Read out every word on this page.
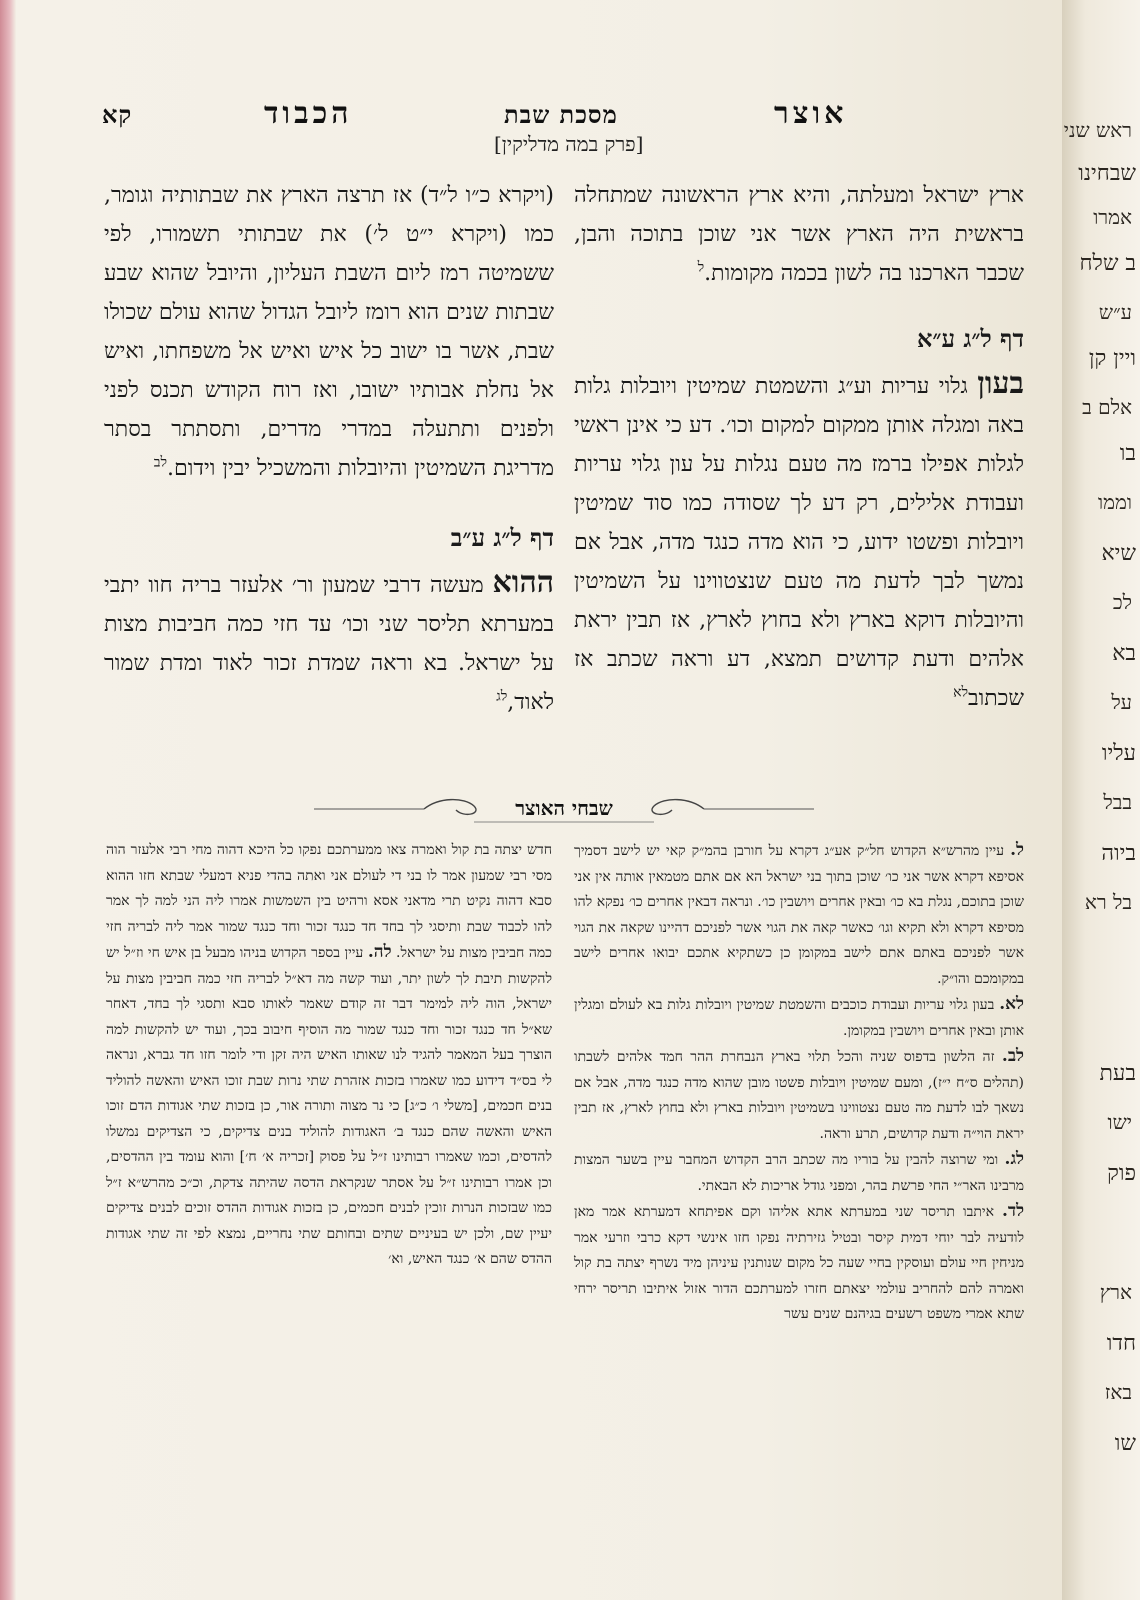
אוצר
מסכת שבת
הכבוד
קא
[פרק במה מדליקין]

ארץ ישראל ומעלתה, והיא ארץ הראשונה שמתחלה בראשית היה הארץ אשר אני שוכן בתוכה והבן, שכבר הארכנו בה לשון בכמה מקומות.$^ל$

דף ל״ג ע״א

בעון גלוי עריות וע״ג והשמטת שמיטין ויובלות גלות באה ומגלה אותן ממקום למקום וכו׳. דע כי אינן ראשי לגלות אפילו ברמז מה טעם נגלות על עון גלוי עריות ועבודת אלילים, רק דע לך שסודה כמו סוד שמיטין ויובלות ופשטו ידוע, כי הוא מדה כנגד מדה, אבל אם נמשך לבך לדעת מה טעם שנצטווינו על השמיטין והיובלות דוקא בארץ ולא בחוץ לארץ, אז תבין יראת אלהים ודעת קדושים תמצא, דע וראה שכתב אז שכתוב$^{לא}$

(ויקרא כ״ו ל״ד) אז תרצה הארץ את שבתותיה וגומר, כמו (ויקרא י״ט ל׳) את שבתותי תשמורו, לפי ששמיטה רמז ליום השבת העליון, והיובל שהוא שבע שבתות שנים הוא רומז ליובל הגדול שהוא עולם שכולו שבת, אשר בו ישוב כל איש ואיש אל משפחתו, ואיש אל נחלת אבותיו ישובו, ואז רוח הקודש תכנס לפני ולפנים ותתעלה במדרי מדרים, ותסתתר בסתר מדריגת השמיטין והיובלות והמשכיל יבין וידום.$^{לב}$

דף ל״ג ע״ב

ההוא מעשה דרבי שמעון ור׳ אלעזר בריה חוו יתבי במערתא תליסר שני וכו׳ עד חזי כמה חביבות מצות על ישראל. בא וראה שמדת זכור לאוד ומדת שמור לאוד,$^{לג}$

שבחי האוצר

ל. עיין מהרש״א הקדוש חל״ק אע״ג דקרא על חורבן בהמ״ק קאי יש לישב דסמיך אסיפא דקרא אשר אני כו׳ שוכן בתוך בני ישראל הא אם אתם מטמאין אותה אין אני שוכן בתוכם, נגלת בא כו׳ ובאין אחרים ויושבין כו׳. ונראה דבאין אחרים כו׳ נפקא להו מסיפא דקרא ולא תקיא וגו׳ כאשר קאה את הגוי אשר לפניכם דהיינו שקאה את הגוי אשר לפניכם באתם אתם לישב במקומן כן כשתקיא אתכם יבואו אחרים לישב במקומכם והו״ק.

לא. בעון גלוי עריות ועבודת כוכבים והשמטת שמיטין ויובלות גלות בא לעולם ומגלין אותן ובאין אחרים ויושבין במקומן.

לב. זה הלשון בדפוס שניה והכל תלוי בארץ הנבחרת ההר חמד אלהים לשבתו (תהלים ס״ח י״ז), ומעם שמיטין ויובלות פשטו מובן שהוא מדה כנגד מדה, אבל אם נשאך לבו לדעת מה טעם נצטווינו בשמיטין ויובלות בארץ ולא בחוץ לארץ, אז תבין יראת הוי״ה ודעת קדושים, תרע וראה.

לג. ומי שרוצה להבין על בוריו מה שכתב הרב הקדוש המחבר עיין בשער המצות מרבינו האר״י החי פרשת בהר, ומפני גודל אריכות לא הבאתי.

לד. איתבו תריסר שני במערתא אתא אליהו וקם אפיתחא דמערתא אמר מאן לודעיה לבר יוחי דמית קיסר ובטיל גזירתיה נפקו חזו אינשי דקא כרבי וזרעי אמר מניחין חיי עולם ועוסקין בחיי שעה כל מקום שנותנין עיניהן מיד נשרף יצתה בת קול ואמרה להם להחריב עולמי יצאתם חזרו למערתכם הדור אזול איתיבו תריסר ירחי שתא אמרי משפט רשעים בגיהנם שנים עשר

חדש יצתה בת קול ואמרה צאו ממערתכם נפקו כל היכא דהוה מחי רבי אלעזר הוה מסי רבי שמעון אמר לו בני די לעולם אני ואתה בהדי פניא דמעלי שבתא חזו ההוא סבא דהוה נקיט תרי מדאני אסא ורהיט בין השמשות אמרו ליה הני למה לך אמר להו לכבוד שבת ותיסגי לך בחד חד כנגד זכור וחד כנגד שמור אמר ליה לבריה חזי כמה חביבין מצות על ישראל. לה. עיין בספר הקדוש בניהו מבעל בן איש חי וז״ל יש להקשות תיבת לך לשון יתר, ועוד קשה מה דא״ל לבריה חזי כמה חביבין מצות על ישראל, הוה ליה למימר דבר זה קודם שאמר לאותו סבא ותסגי לך בחד, דאחר שא״ל חד כנגד זכור וחד כנגד שמור מה הוסיף חיבוב בכך, ועוד יש להקשות למה הוצרך בעל המאמר להגיד לנו שאותו האיש היה זקן ודי לומר חזו חד גברא, ונראה לי בס״ד דידוע כמו שאמרו בזכות אזהרת שתי נרות שבת זוכו האיש והאשה להוליד בנים חכמים, [משלי ו׳ כ״ג] כי נר מצוה ותורה אור, כן בזכות שתי אגודות הדם זוכו האיש והאשה שהם כנגד ב׳ האגודות להוליד בנים צדיקים, כי הצדיקים נמשלו להדסים, וכמו שאמרו רבותינו ז״ל על פסוק [זכריה א׳ ח׳] והוא עומד בין ההדסים, וכן אמרו רבותינו ז״ל על אסתר שנקראת הדסה שהיתה צדקת, וכ״כ מהרש״א ז״ל כמו שבזכות הנרות זוכין לבנים חכמים, כן בזכות אגודות ההדס זוכים לבנים צדיקים יעיין שם, ולכן יש בעיניים שתים ובחותם שתי נחריים, נמצא לפי זה שתי אגודות ההדס שהם א׳ כנגד האיש, וא׳

ראש שני
שבחינו
אמרו
ב שלח
ע״ש
ויין קן
אלם ב
בו
וממו
שיא
לכ
בא
על
עליו
בבל
ביוה
בל רא
בעת
ישו
פוק
ארץ
חדו
באז
שו
